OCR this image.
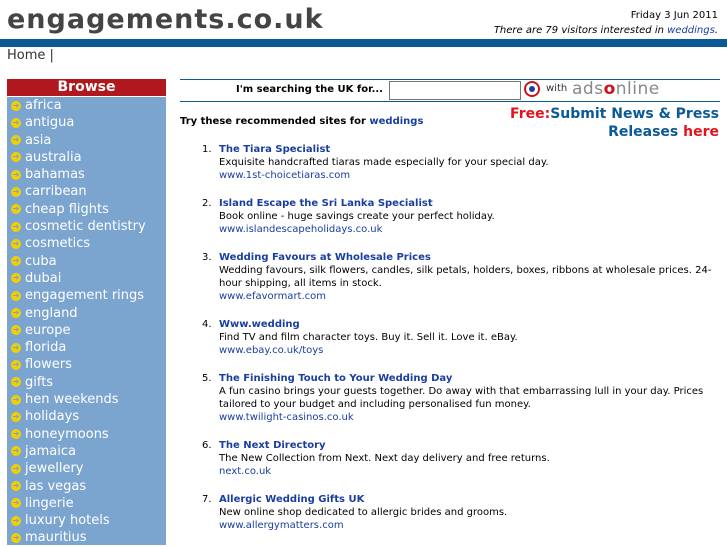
engagements.co.uk	Friday 3 Jun 2011
There are 79 visitors interested in weddings.
Home |
Browse
➜ africa
➜ antigua
➜ asia
➜ australia
➜ bahamas
➜ carribean
➜ cheap flights
➜ cosmetic dentistry
➜ cosmetics
➜ cuba
➜ dubai
➜ engagement rings
➜ england
➜ europe
➜ florida
➜ flowers
➜ gifts
➜ hen weekends
➜ holidays
➜ honeymoons
➜ jamaica
➜ jewellery
➜ las vegas
➜ lingerie
➜ luxury hotels
➜ mauritius
I'm searching the UK for...	with adsonline
Free:Submit News & Press Releases here
Try these recommended sites for weddings
1. The Tiara Specialist
Exquisite handcrafted tiaras made especially for your special day.
www.1st-choicetiaras.com
2. Island Escape the Sri Lanka Specialist
Book online - huge savings create your perfect holiday.
www.islandescapeholidays.co.uk
3. Wedding Favours at Wholesale Prices
Wedding favours, silk flowers, candles, silk petals, holders, boxes, ribbons at wholesale prices. 24-hour shipping, all items in stock.
www.efavormart.com
4. Www.wedding
Find TV and film character toys. Buy it. Sell it. Love it. eBay.
www.ebay.co.uk/toys
5. The Finishing Touch to Your Wedding Day
A fun casino brings your guests together. Do away with that embarrassing lull in your day. Prices tailored to your budget and including personalised fun money.
www.twilight-casinos.co.uk
6. The Next Directory
The New Collection from Next. Next day delivery and free returns.
next.co.uk
7. Allergic Wedding Gifts UK
New online shop dedicated to allergic brides and grooms.
www.allergymatters.com
